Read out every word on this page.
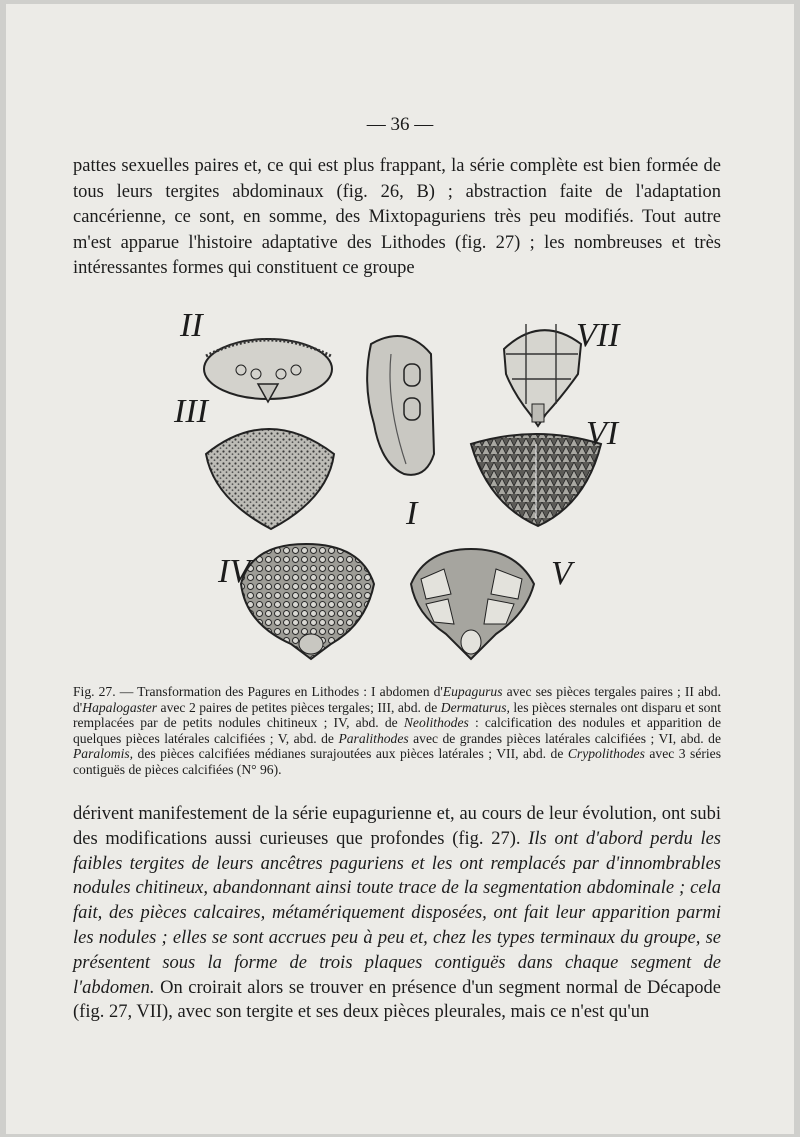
— 36 —

pattes sexuelles paires et, ce qui est plus frappant, la série complète est bien formée de tous leurs tergites abdominaux (fig. 26, B) ; abstraction faite de l'adaptation cancérienne, ce sont, en somme, des Mixtopaguriens très peu modifiés. Tout autre m'est apparue l'histoire adaptative des Lithodes (fig. 27) ; les nombreuses et très intéressantes formes qui constituent ce groupe

II
III
I
VII
VI
IV	V

Fig. 27. — Transformation des Pagures en Lithodes : I abdomen d'Eupagurus avec ses pièces tergales paires ; II abd. d'Hapalogaster avec 2 paires de petites pièces tergales; III, abd. de Dermaturus, les pièces sternales ont disparu et sont remplacées par de petits nodules chitineux ; IV, abd. de Neolithodes : calcification des nodules et apparition de quelques pièces latérales calcifiées ; V, abd. de Paralithodes avec de grandes pièces latérales calcifiées ; VI, abd. de Paralomis, des pièces calcifiées médianes surajoutées aux pièces latérales ; VII, abd. de Crypolithodes avec 3 séries contiguës de pièces calcifiées (N° 96).

dérivent manifestement de la série eupagurienne et, au cours de leur évolution, ont subi des modifications aussi curieuses que profondes (fig. 27). Ils ont d'abord perdu les faibles tergites de leurs ancêtres paguriens et les ont remplacés par d'innombrables nodules chitineux, abandonnant ainsi toute trace de la segmentation abdominale ; cela fait, des pièces calcaires, métamériquement disposées, ont fait leur apparition parmi les nodules ; elles se sont accrues peu à peu et, chez les types terminaux du groupe, se présentent sous la forme de trois plaques contiguës dans chaque segment de l'abdomen. On croirait alors se trouver en présence d'un segment normal de Décapode (fig. 27, VII), avec son tergite et ses deux pièces pleurales, mais ce n'est qu'un
